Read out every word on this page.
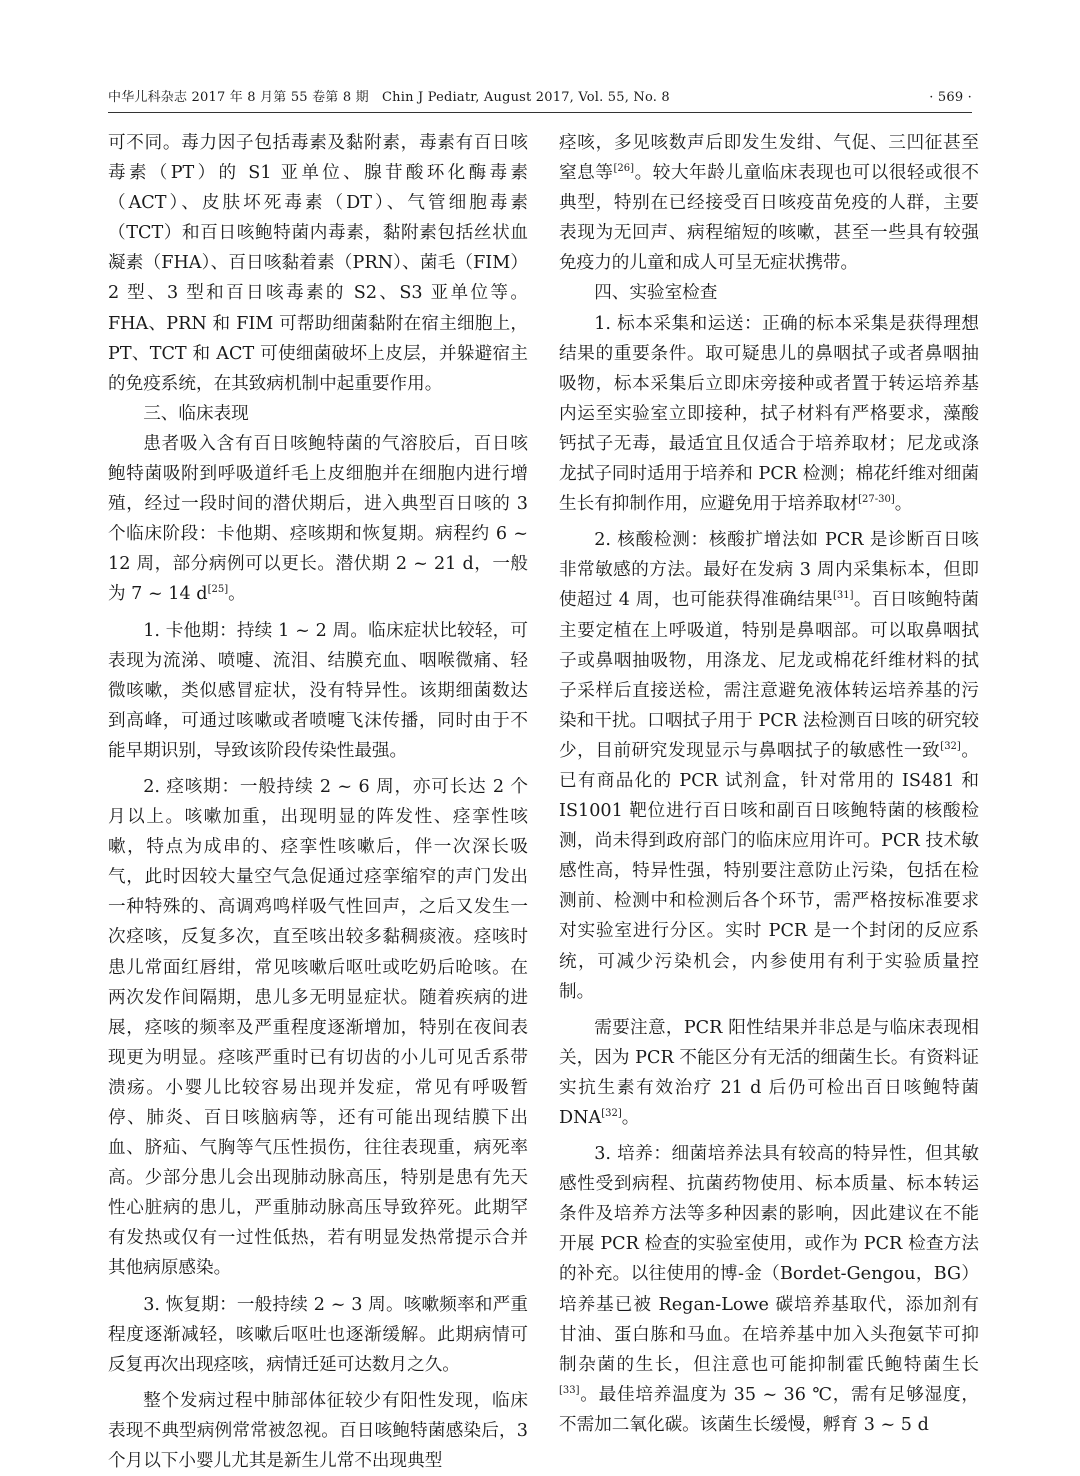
中华儿科杂志 2017 年 8 月第 55 卷第 8 期　Chin J Pediatr, August 2017, Vol. 55, No. 8	· 569 ·

可不同。毒力因子包括毒素及黏附素，毒素有百日咳毒素（PT）的 S1 亚单位、腺苷酸环化酶毒素（ACT）、皮肤坏死毒素（DT）、气管细胞毒素（TCT）和百日咳鲍特菌内毒素，黏附素包括丝状血凝素（FHA）、百日咳黏着素（PRN）、菌毛（FIM）2 型、3 型和百日咳毒素的 S2、S3 亚单位等。FHA、PRN 和 FIM 可帮助细菌黏附在宿主细胞上，PT、TCT 和 ACT 可使细菌破坏上皮层，并躲避宿主的免疫系统，在其致病机制中起重要作用。

三、临床表现

患者吸入含有百日咳鲍特菌的气溶胶后，百日咳鲍特菌吸附到呼吸道纤毛上皮细胞并在细胞内进行增殖，经过一段时间的潜伏期后，进入典型百日咳的 3 个临床阶段：卡他期、痉咳期和恢复期。病程约 6 ~ 12 周，部分病例可以更长。潜伏期 2 ~ 21 d，一般为 7 ~ 14 d[25]。

1. 卡他期：持续 1 ~ 2 周。临床症状比较轻，可表现为流涕、喷嚏、流泪、结膜充血、咽喉微痛、轻微咳嗽，类似感冒症状，没有特异性。该期细菌数达到高峰，可通过咳嗽或者喷嚏飞沫传播，同时由于不能早期识别，导致该阶段传染性最强。

2. 痉咳期：一般持续 2 ~ 6 周，亦可长达 2 个月以上。咳嗽加重，出现明显的阵发性、痉挛性咳嗽，特点为成串的、痉挛性咳嗽后，伴一次深长吸气，此时因较大量空气急促通过痉挛缩窄的声门发出一种特殊的、高调鸡鸣样吸气性回声，之后又发生一次痉咳，反复多次，直至咳出较多黏稠痰液。痉咳时患儿常面红唇绀，常见咳嗽后呕吐或吃奶后呛咳。在两次发作间隔期，患儿多无明显症状。随着疾病的进展，痉咳的频率及严重程度逐渐增加，特别在夜间表现更为明显。痉咳严重时已有切齿的小儿可见舌系带溃疡。小婴儿比较容易出现并发症，常见有呼吸暂停、肺炎、百日咳脑病等，还有可能出现结膜下出血、脐疝、气胸等气压性损伤，往往表现重，病死率高。少部分患儿会出现肺动脉高压，特别是患有先天性心脏病的患儿，严重肺动脉高压导致猝死。此期罕有发热或仅有一过性低热，若有明显发热常提示合并其他病原感染。

3. 恢复期：一般持续 2 ~ 3 周。咳嗽频率和严重程度逐渐减轻，咳嗽后呕吐也逐渐缓解。此期病情可反复再次出现痉咳，病情迁延可达数月之久。

整个发病过程中肺部体征较少有阳性发现，临床表现不典型病例常常被忽视。百日咳鲍特菌感染后，3 个月以下小婴儿尤其是新生儿常不出现典型

痉咳，多见咳数声后即发生发绀、气促、三凹征甚至窒息等[26]。较大年龄儿童临床表现也可以很轻或很不典型，特别在已经接受百日咳疫苗免疫的人群，主要表现为无回声、病程缩短的咳嗽，甚至一些具有较强免疫力的儿童和成人可呈无症状携带。

四、实验室检查

1. 标本采集和运送：正确的标本采集是获得理想结果的重要条件。取可疑患儿的鼻咽拭子或者鼻咽抽吸物，标本采集后立即床旁接种或者置于转运培养基内运至实验室立即接种，拭子材料有严格要求，藻酸钙拭子无毒，最适宜且仅适合于培养取材；尼龙或涤龙拭子同时适用于培养和 PCR 检测；棉花纤维对细菌生长有抑制作用，应避免用于培养取材[27-30]。

2. 核酸检测：核酸扩增法如 PCR 是诊断百日咳非常敏感的方法。最好在发病 3 周内采集标本，但即使超过 4 周，也可能获得准确结果[31]。百日咳鲍特菌主要定植在上呼吸道，特别是鼻咽部。可以取鼻咽拭子或鼻咽抽吸物，用涤龙、尼龙或棉花纤维材料的拭子采样后直接送检，需注意避免液体转运培养基的污染和干扰。口咽拭子用于 PCR 法检测百日咳的研究较少，目前研究发现显示与鼻咽拭子的敏感性一致[32]。已有商品化的 PCR 试剂盒，针对常用的 IS481 和 IS1001 靶位进行百日咳和副百日咳鲍特菌的核酸检测，尚未得到政府部门的临床应用许可。PCR 技术敏感性高，特异性强，特别要注意防止污染，包括在检测前、检测中和检测后各个环节，需严格按标准要求对实验室进行分区。实时 PCR 是一个封闭的反应系统，可减少污染机会，内参使用有利于实验质量控制。

需要注意，PCR 阳性结果并非总是与临床表现相关，因为 PCR 不能区分有无活的细菌生长。有资料证实抗生素有效治疗 21 d 后仍可检出百日咳鲍特菌 DNA[32]。

3. 培养：细菌培养法具有较高的特异性，但其敏感性受到病程、抗菌药物使用、标本质量、标本转运条件及培养方法等多种因素的影响，因此建议在不能开展 PCR 检查的实验室使用，或作为 PCR 检查方法的补充。以往使用的博-金（Bordet-Gengou，BG）培养基已被 Regan-Lowe 碳培养基取代，添加剂有甘油、蛋白胨和马血。在培养基中加入头孢氨苄可抑制杂菌的生长，但注意也可能抑制霍氏鲍特菌生长[33]。最佳培养温度为 35 ~ 36 ℃，需有足够湿度，不需加二氧化碳。该菌生长缓慢，孵育 3 ~ 5 d
